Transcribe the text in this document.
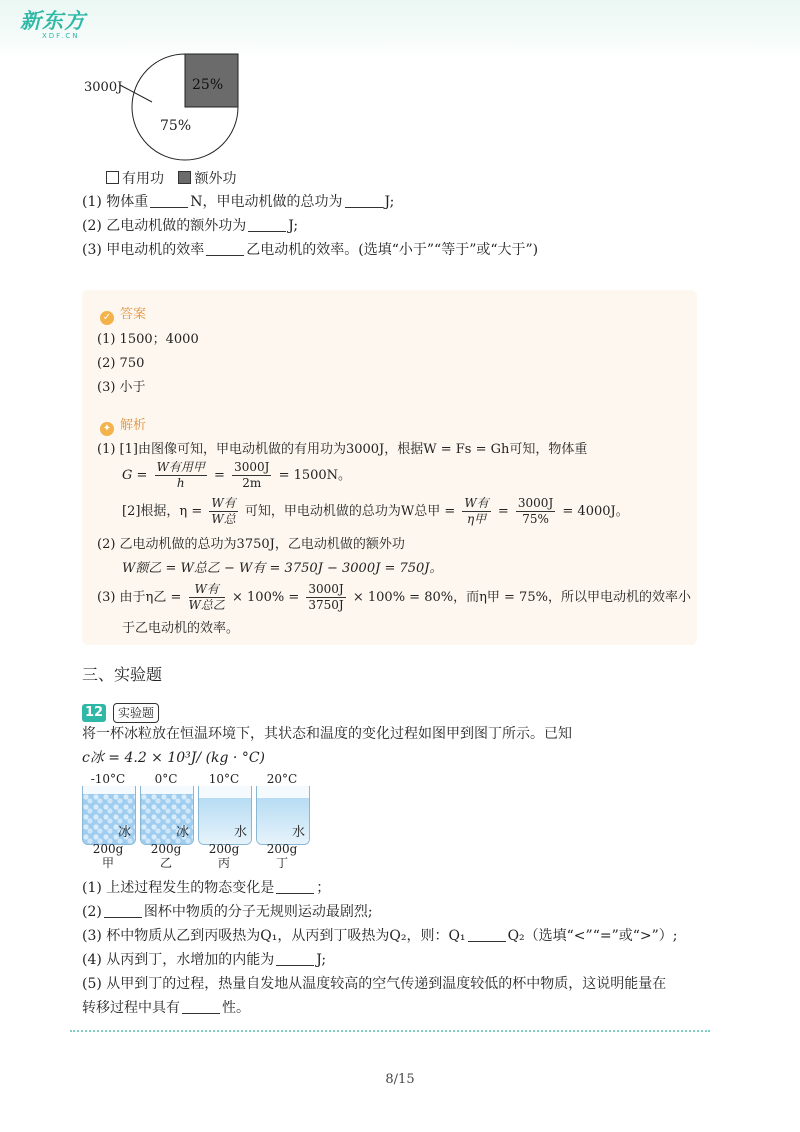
新东方
XDF.CN
3000J
75%
25%
有用功 额外功
(1) 物体重	N，甲电动机做的总功为	J;
(2) 乙电动机做的额外功为	J;
(3) 甲电动机的效率	乙电动机的效率。(选填“小于”“等于”或“大于”)
✓ 答案
(1) 1500；4000
(2) 750
(3) 小于
✦ 解析
(1) [1]由图像可知，甲电动机做的有用功为3000J，根据W = Fs = Gh可知，物体重
$G = \frac{\text{W有用甲}}{h} = \frac{3000J}{2m} = 1500N$。
[2]根据，$\eta = \frac{\text{W有}}{\text{W总}}$ 可知，甲电动机做的总功为W总甲 = $\frac{\text{W有}}{\text{η甲}} = \frac{3000J}{75\%} = 4000J$。
(2) 乙电动机做的总功为3750J，乙电动机做的额外功
W额乙 = W总乙 − W有 = 3750J − 3000J = 750J。
(3) 由于η乙 = $\frac{\text{W有}}{\text{W总乙}} \times 100\% = \frac{3000J}{3750J} \times 100\% = 80\%$，而η甲 = 75%，所以甲电动机的效率小
于乙电动机的效率。
三、实验题
12	实验题
将一杯冰粒放在恒温环境下，其状态和温度的变化过程如图甲到图丁所示。已知
c冰 = 4.2 × 10³J/ (kg · °C)
-10°C	0°C	10°C	20°C
冰	冰	水	水
200g
甲
200g
乙
200g
丙
200g
丁
(1) 上述过程发生的物态变化是	；
(2)	图杯中物质的分子无规则运动最剧烈;
(3) 杯中物质从乙到丙吸热为Q₁，从丙到丁吸热为Q₂，则：Q₁	Q₂（选填“<”“=”或“>”）;
(4) 从丙到丁，水增加的内能为	J;
(5) 从甲到丁的过程，热量自发地从温度较高的空气传递到温度较低的杯中物质，这说明能量在
转移过程中具有	性。
8/15
